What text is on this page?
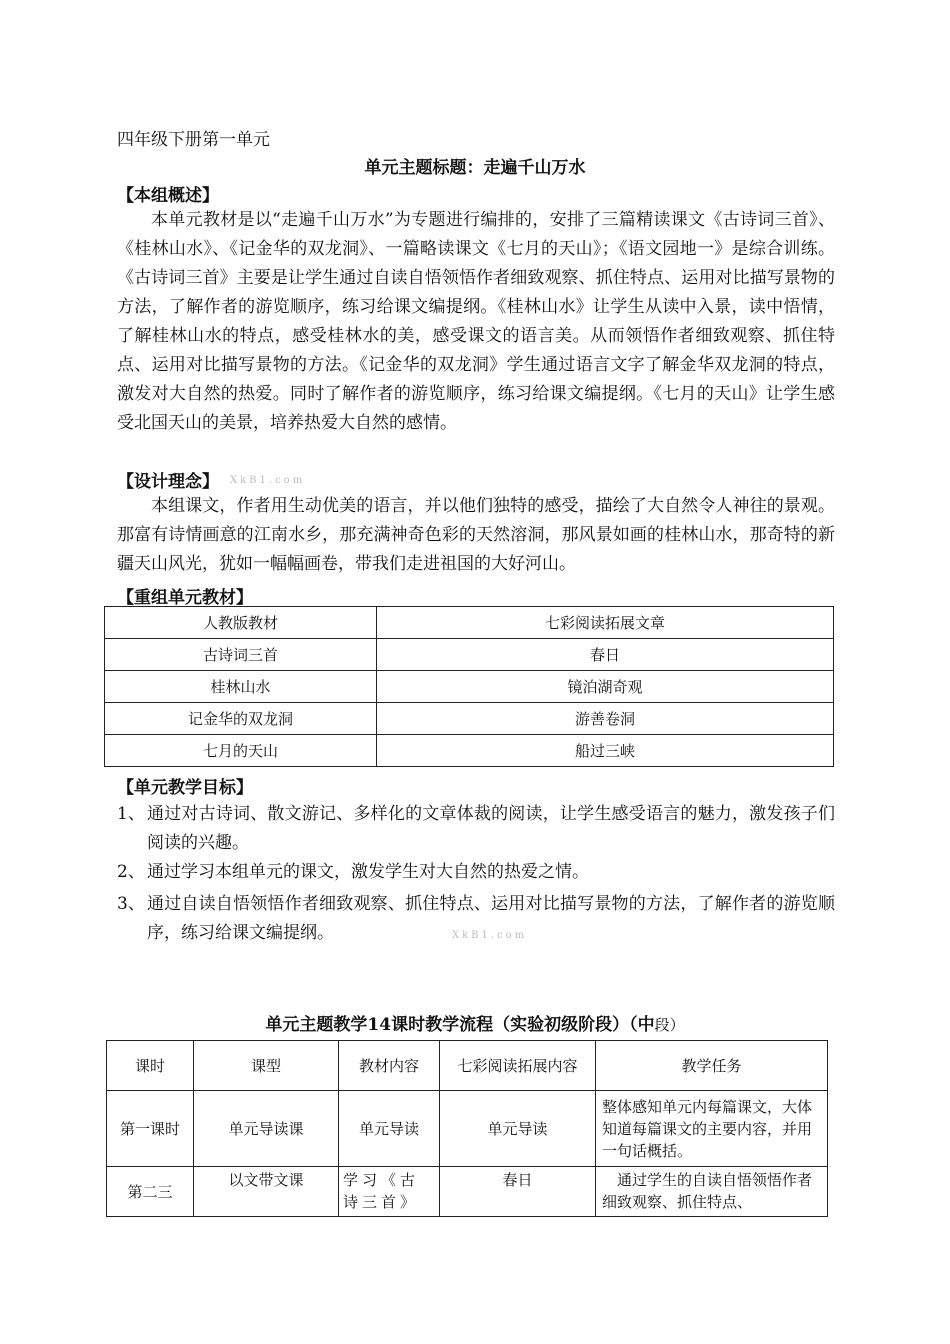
四年级下册第一单元
单元主题标题：走遍千山万水
【本组概述】
本单元教材是以“走遍千山万水”为专题进行编排的，安排了三篇精读课文《古诗词三首》、《桂林山水》、《记金华的双龙洞》、一篇略读课文《七月的天山》；《语文园地一》是综合训练。《古诗词三首》主要是让学生通过自读自悟领悟作者细致观察、抓住特点、运用对比描写景物的方法，了解作者的游览顺序，练习给课文编提纲。《桂林山水》让学生从读中入景，读中悟情，了解桂林山水的特点，感受桂林水的美，感受课文的语言美。从而领悟作者细致观察、抓住特点、运用对比描写景物的方法。《记金华的双龙洞》学生通过语言文字了解金华双龙洞的特点，激发对大自然的热爱。同时了解作者的游览顺序，练习给课文编提纲。《七月的天山》让学生感受北国天山的美景，培养热爱大自然的感情。
【设计理念】 XkB1.com
本组课文，作者用生动优美的语言，并以他们独特的感受，描绘了大自然令人神往的景观。那富有诗情画意的江南水乡，那充满神奇色彩的天然溶洞，那风景如画的桂林山水，那奇特的新疆天山风光，犹如一幅幅画卷，带我们走进祖国的大好河山。
【重组单元教材】
人教版教材	七彩阅读拓展文章
古诗词三首	春日
桂林山水	镜泊湖奇观
记金华的双龙洞	游善卷洞
七月的天山	船过三峡
【单元教学目标】
1、 通过对古诗词、散文游记、多样化的文章体裁的阅读，让学生感受语言的魅力，激发孩子们阅读的兴趣。
2、 通过学习本组单元的课文，激发学生对大自然的热爱之情。
3、 通过自读自悟领悟作者细致观察、抓住特点、运用对比描写景物的方法，了解作者的游览顺序，练习给课文编提纲。	XkB1.com
单元主题教学14课时教学流程（实验初级阶段）（中段）
课时	课型	教材内容	七彩阅读拓展内容	教学任务
第一课时	单元导读课	单元导读	单元导读	整体感知单元内每篇课文，大体知道每篇课文的主要内容，并用一句话概括。
第二三	以文带文课	学习《古诗三首》	春日	通过学生的自读自悟领悟作者细致观察、抓住特点、
